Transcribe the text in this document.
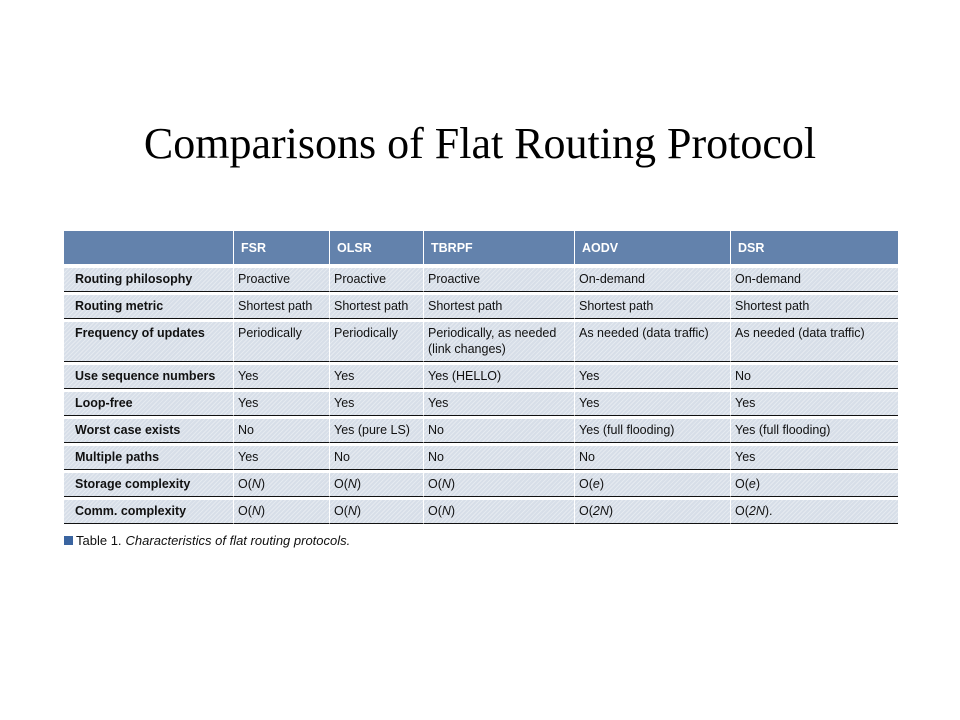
Comparisons of Flat Routing Protocol
	FSR	OLSR	TBRPF	AODV	DSR
Routing philosophy	Proactive	Proactive	Proactive	On-demand	On-demand
Routing metric	Shortest path	Shortest path	Shortest path	Shortest path	Shortest path
Frequency of updates	Periodically	Periodically	Periodically, as needed (link changes)	As needed (data traffic)	As needed (data traffic)
Use sequence numbers	Yes	Yes	Yes (HELLO)	Yes	No
Loop-free	Yes	Yes	Yes	Yes	Yes
Worst case exists	No	Yes (pure LS)	No	Yes (full flooding)	Yes (full flooding)
Multiple paths	Yes	No	No	No	Yes
Storage complexity	O(N)	O(N)	O(N)	O(e)	O(e)
Comm. complexity	O(N)	O(N)	O(N)	O(2N)	O(2N).
Table 1. Characteristics of flat routing protocols.
